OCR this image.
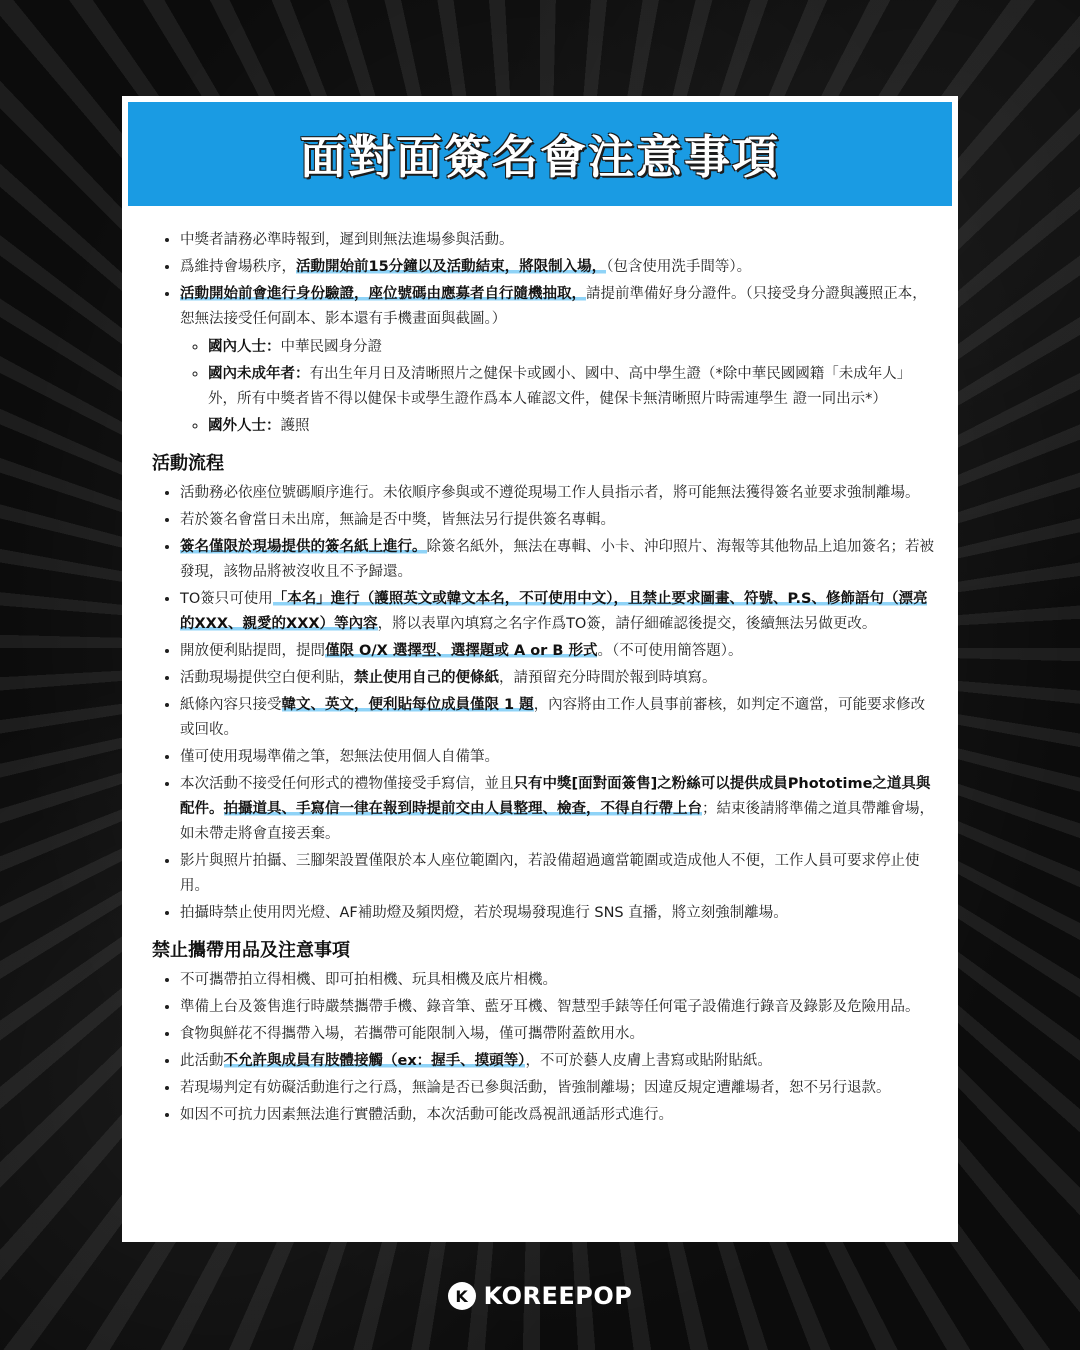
面對面簽名會注意事項
• 中獎者請務必準時報到，遲到則無法進場參與活動。
• 爲維持會場秩序，活動開始前15分鐘以及活動結束，將限制入場，（包含使用洗手間等）。
• 活動開始前會進行身份驗證，座位號碼由應募者自行隨機抽取，請提前準備好身分證件。（只接受身分證與護照正本，恕無法接受任何副本、影本還有手機畫面與截圖。）
◦ 國內人士：中華民國身分證
◦ 國內未成年者：有出生年月日及清晰照片之健保卡或國小、國中、高中學生證（*除中華民國國籍「未成年人」外，所有中獎者皆不得以健保卡或學生證作爲本人確認文件，健保卡無清晰照片時需連學生 證一同出示*）
◦ 國外人士：護照
活動流程
• 活動務必依座位號碼順序進行。未依順序參與或不遵從現場工作人員指示者，將可能無法獲得簽名並要求強制離場。
• 若於簽名會當日未出席，無論是否中獎，皆無法另行提供簽名專輯。
• 簽名僅限於現場提供的簽名紙上進行。除簽名紙外，無法在專輯、小卡、沖印照片、海報等其他物品上追加簽名；若被發現，該物品將被沒收且不予歸還。
• TO簽只可使用「本名」進行（護照英文或韓文本名，不可使用中文），且禁止要求圖畫、符號、P.S、修飾語句（漂亮的XXX、親愛的XXX）等內容，將以表單內填寫之名字作爲TO簽，請仔細確認後提交，後續無法另做更改。
• 開放便利貼提問，提問僅限 O/X 選擇型、選擇題或 A or B 形式。（不可使用簡答題）。
• 活動現場提供空白便利貼，禁止使用自己的便條紙，請預留充分時間於報到時填寫。
• 紙條內容只接受韓文、英文，便利貼每位成員僅限 1 題，內容將由工作人員事前審核，如判定不適當，可能要求修改或回收。
• 僅可使用現場準備之筆，恕無法使用個人自備筆。
• 本次活動不接受任何形式的禮物僅接受手寫信，並且只有中獎[面對面簽售]之粉絲可以提供成員Phototime之道具與配件。拍攝道具、手寫信一律在報到時提前交由人員整理、檢查，不得自行帶上台；結束後請將準備之道具帶離會場，如未帶走將會直接丟棄。
• 影片與照片拍攝、三腳架設置僅限於本人座位範圍內，若設備超過適當範圍或造成他人不便，工作人員可要求停止使用。
• 拍攝時禁止使用閃光燈、AF補助燈及頻閃燈，若於現場發現進行 SNS 直播，將立刻強制離場。
禁止攜帶用品及注意事項
• 不可攜帶拍立得相機、即可拍相機、玩具相機及底片相機。
• 準備上台及簽售進行時嚴禁攜帶手機、錄音筆、藍牙耳機、智慧型手錶等任何電子設備進行錄音及錄影及危險用品。
• 食物與鮮花不得攜帶入場，若攜帶可能限制入場，僅可攜帶附蓋飲用水。
• 此活動不允許與成員有肢體接觸（ex：握手、摸頭等），不可於藝人皮膚上書寫或貼附貼紙。
• 若現場判定有妨礙活動進行之行爲，無論是否已參與活動，皆強制離場；因違反規定遭離場者，恕不另行退款。
• 如因不可抗力因素無法進行實體活動，本次活動可能改爲視訊通話形式進行。
K KOREEPOP
